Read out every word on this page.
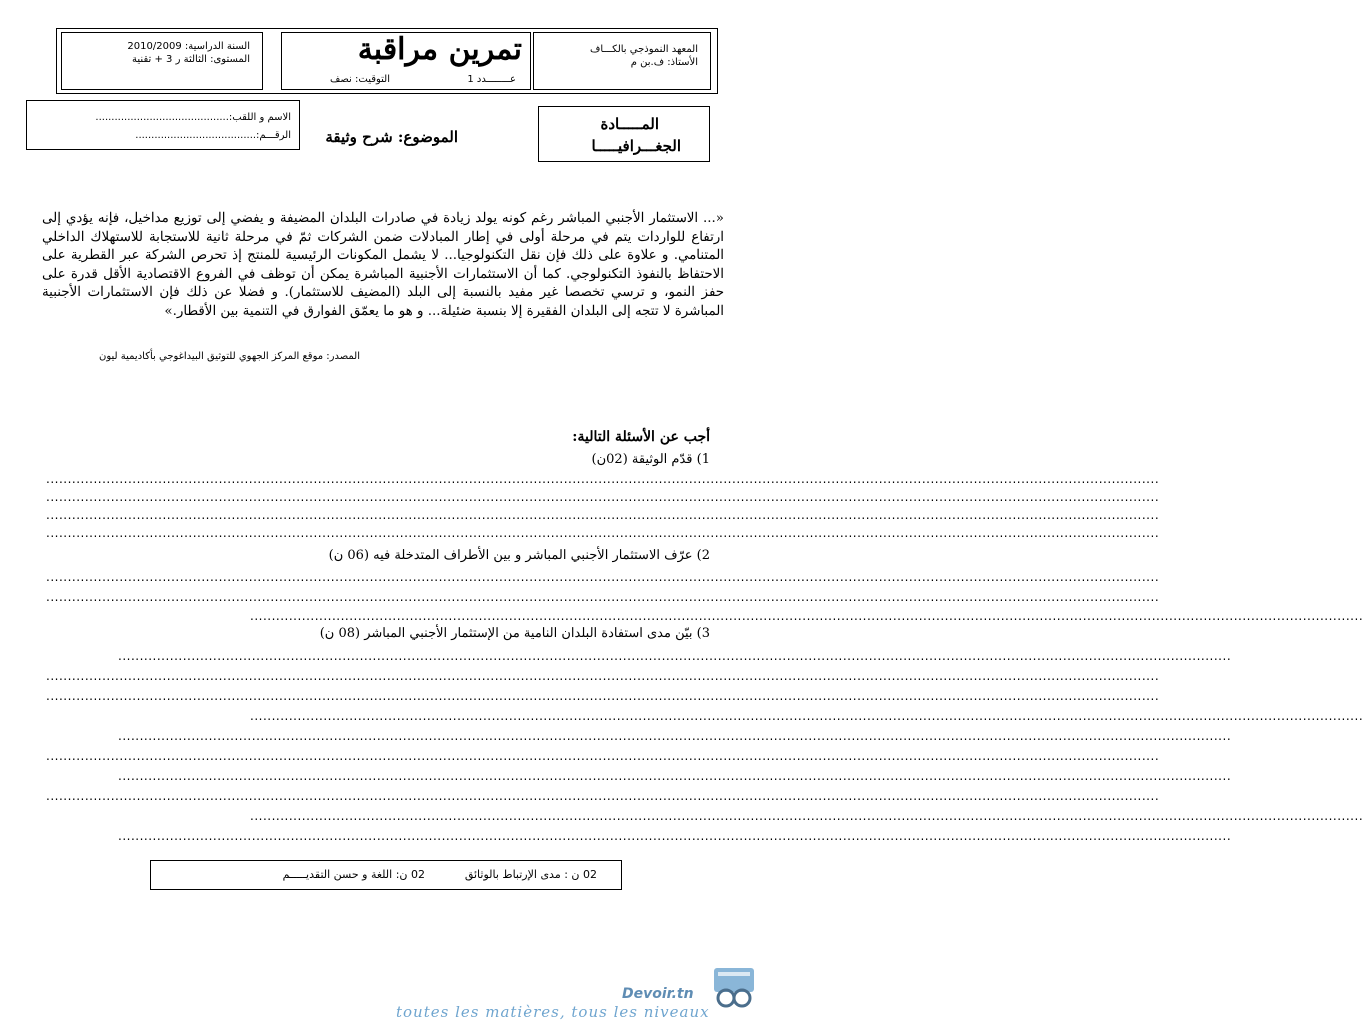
المعهد النموذجي بالكـــاف
الأستاذ: ف.بن م
تمرين مراقبة
عــــــــدد 1
التوقيت: نصف
السنة الدراسية: 2010/2009
المستوى: الثالثة ر 3 + تقنية
المـــــادة
الجغـــرافيـــــا
الموضوع: شرح وثيقة
الاسم و اللقب:..........................................
الرقـــم:......................................
«... الاستثمار الأجنبي المباشر رغم كونه يولد زيادة في صادرات البلدان المضيفة و يفضي إلى توزيع مداخيل، فإنه يؤدي إلى ارتفاع للواردات يتم في مرحلة أولى في إطار المبادلات ضمن الشركات ثمّ في مرحلة ثانية للاستجابة للاستهلاك الداخلي المتنامي. و علاوة على ذلك فإن نقل التكنولوجيا... لا يشمل المكونات الرئيسية للمنتج إذ تحرص الشركة عبر القطرية على الاحتفاظ بالنفوذ التكنولوجي. كما أن الاستثمارات الأجنبية المباشرة يمكن أن توظف في الفروع الاقتصادية الأقل قدرة على حفز النمو، و ترسي تخصصا غير مفيد بالنسبة إلى البلد (المضيف للاستثمار). و فضلا عن ذلك فإن الاستثمارات الأجنبية المباشرة لا تتجه إلى البلدان الفقيرة إلا بنسبة ضئيلة... و هو ما يعمّق الفوارق في التنمية بين الأقطار.»
المصدر: موقع المركز الجهوي للتوثيق البيداغوجي بأكاديمية ليون
أجب عن الأسئلة التالية:
1) قدّم الوثيقة (02ن)
..................................................................................................................................................................................................................................................................
..................................................................................................................................................................................................................................................................
..................................................................................................................................................................................................................................................................
..................................................................................................................................................................................................................................................................
2) عرّف الاستثمار الأجنبي المباشر و بين الأطراف المتدخلة فيه (06 ن)
..................................................................................................................................................................................................................................................................
..................................................................................................................................................................................................................................................................
..................................................................................................................................................................................................................................................................
3) بيّن مدى استفادة البلدان النامية من الإستثمار الأجنبي المباشر (08 ن)
..................................................................................................................................................................................................................................................................
..................................................................................................................................................................................................................................................................
..................................................................................................................................................................................................................................................................
..................................................................................................................................................................................................................................................................
..................................................................................................................................................................................................................................................................
..................................................................................................................................................................................................................................................................
..................................................................................................................................................................................................................................................................
..................................................................................................................................................................................................................................................................
..................................................................................................................................................................................................................................................................
..................................................................................................................................................................................................................................................................
02 ن : مدى الإرتباط بالوثائق
02 ن: اللغة و حسن التقديـــــم
Devoir.tn
toutes les matières, tous les niveaux
